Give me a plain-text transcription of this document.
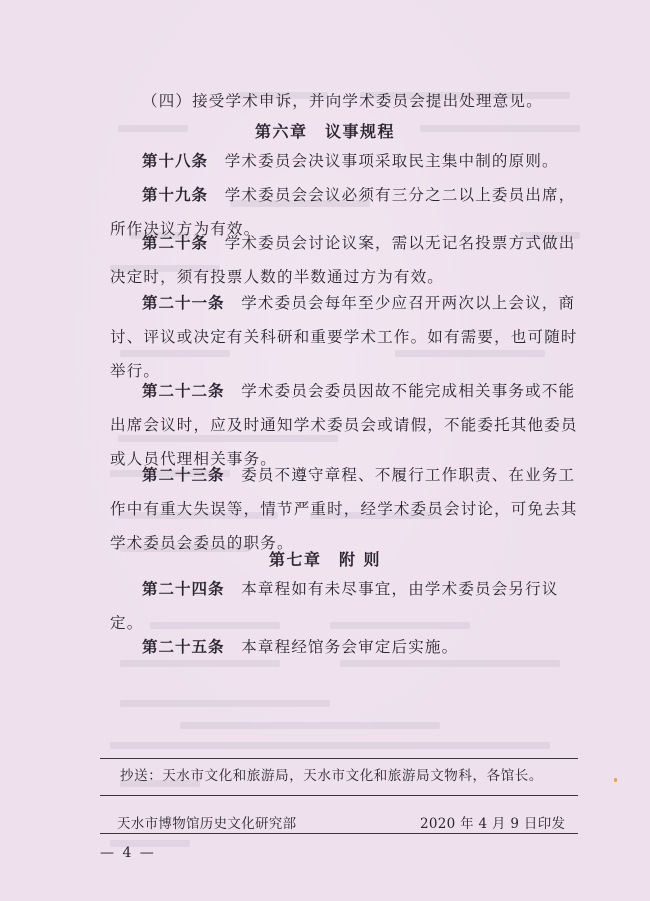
（四）接受学术申诉，并向学术委员会提出处理意见。

第六章　议事规程

第十八条　 学术委员会决议事项采取民主集中制的原则。

第十九条　 学术委员会会议必须有三分之二以上委员出席，所作决议方为有效。

第二十条　 学术委员会讨论议案，需以无记名投票方式做出决定时，须有投票人数的半数通过方为有效。

第二十一条　 学术委员会每年至少应召开两次以上会议，商讨、评议或决定有关科研和重要学术工作。如有需要，也可随时举行。

第二十二条　 学术委员会委员因故不能完成相关事务或不能出席会议时，应及时通知学术委员会或请假，不能委托其他委员或人员代理相关事务。

第二十三条　 委员不遵守章程、不履行工作职责、在业务工作中有重大失误等，情节严重时，经学术委员会讨论，可免去其学术委员会委员的职务。

第七章　附 则

第二十四条　 本章程如有未尽事宜，由学术委员会另行议定。

第二十五条　 本章程经馆务会审定后实施。

抄送：天水市文化和旅游局，天水市文化和旅游局文物科，各馆长。
天水市博物馆历史文化研究部	2020 年 4 月 9 日印发
— 4 —
